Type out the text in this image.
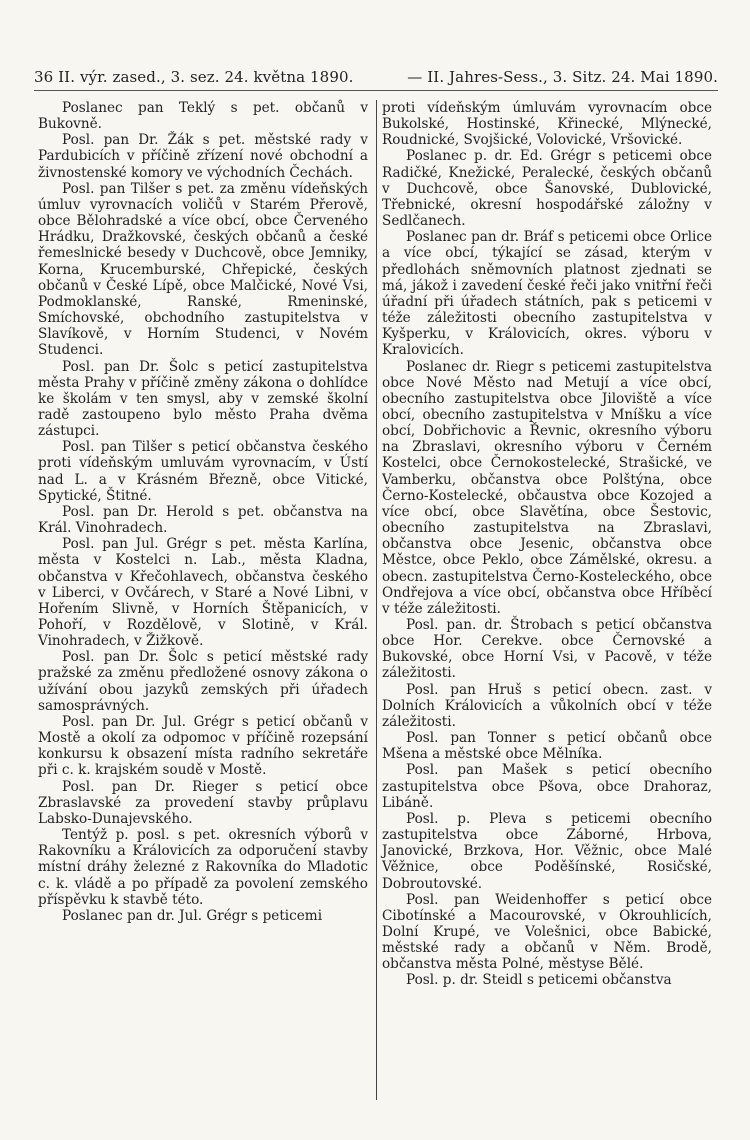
36 II. výr. zased., 3. sez. 24. května 1890.	— II. Jahres-Sess., 3. Sitz. 24. Mai 1890.

Poslanec pan Teklý s pet. občanů v Bukovně.

Posl. pan Dr. Žák s pet. městské rady v Pardubicích v příčině zřízení nové obchodní a živnostenské komory ve východních Čechách.

Posl. pan Tilšer s pet. za změnu vídeňských úmluv vyrovnacích voličů v Starém Přerově, obce Bělohradské a více obcí, obce Červeného Hrádku, Dražkovské, českých občanů a české řemeslnické besedy v Duchcově, obce Jemniky, Korna, Krucemburské, Chřepické, českých občanů v České Lípě, obce Malčické, Nové Vsi, Podmoklanské, Ranské, Rmeninské, Smíchovské, obchodního zastupitelstva v Slavíkově, v Horním Studenci, v Novém Studenci.

Posl. pan Dr. Šolc s peticí zastupitelstva města Prahy v příčině změny zákona o dohlídce ke školám v ten smysl, aby v zemské školní radě zastoupeno bylo město Praha dvěma zástupci.

Posl. pan Tilšer s peticí občanstva českého proti vídeňským umluvám vyrovnacím, v Ústí nad L. a v Krásném Březně, obce Vitické, Spytické, Štitné.

Posl. pan Dr. Herold s pet. občanstva na Král. Vinohradech.

Posl. pan Jul. Grégr s pet. města Karlína, města v Kostelci n. Lab., města Kladna, občanstva v Křečohlavech, občanstva českého v Liberci, v Ovčárech, v Staré a Nové Libni, v Hořením Slivně, v Horních Štěpanicích, v Pohoří, v Rozdělově, v Slotině, v Král. Vinohradech, v Žižkově.

Posl. pan Dr. Šolc s peticí městské rady pražské za změnu předložené osnovy zákona o užívání obou jazyků zemských při úřadech samosprávných.

Posl. pan Dr. Jul. Grégr s peticí občanů v Mostě a okolí za odpomoc v příčině rozepsání konkursu k obsazení místa radního sekretáře při c. k. krajském soudě v Mostě.

Posl. pan Dr. Rieger s peticí obce Zbraslavské za provedení stavby průplavu Labsko-Dunajevského.

Tentýž p. posl. s pet. okresních výborů v Rakovníku a Královicích za odporučení stavby místní dráhy železné z Rakovníka do Mladotic c. k. vládě a po případě za povolení zemského příspěvku k stavbě této.

Poslanec pan dr. Jul. Grégr s peticemi

proti vídeňským úmluvám vyrovnacím obce Bukolské, Hostinské, Křinecké, Mlýnecké, Roudnické, Svojšické, Volovické, Vršovické.

Poslanec p. dr. Ed. Grégr s peticemi obce Radičké, Knežické, Peralecké, českých občanů v Duchcově, obce Šanovské, Dublovické, Třebnické, okresní hospodářské záložny v Sedlčanech.

Poslanec pan dr. Bráf s peticemi obce Orlice a více obcí, týkající se zásad, kterým v předlohách sněmovních platnost zjednati se má, jákož i zavedení české řeči jako vnitřní řeči úřadní při úřadech státních, pak s peticemi v téže záležitosti obecního zastupitelstva v Kyšperku, v Královicích, okres. výboru v Kralovicích.

Poslanec dr. Riegr s peticemi zastupitelstva obce Nové Město nad Metují a více obcí, obecního zastupitelstva obce Jiloviště a více obcí, obecního zastupitelstva v Mníšku a více obcí, Dobřichovic a Řevnic, okresního výboru na Zbraslavi, okresního výboru v Černém Kostelci, obce Černokostelecké, Strašické, ve Vamberku, občanstva obce Polštýna, obce Černo-Kostelecké, občaustva obce Kozojed a více obcí, obce Slavětína, obce Šestovic, obecního zastupitelstva na Zbraslavi, občanstva obce Jesenic, občanstva obce Městce, obce Peklo, obce Zámělské, okresu. a obecn. zastupitelstva Černo-Kosteleckého, obce Ondřejova a více obcí, občanstva obce Hříběcí v téže záležitosti.

Posl. pan. dr. Štrobach s peticí občanstva obce Hor. Cerekve. obce Černovské a Bukovské, obce Horní Vsi, v Pacově, v téže záležitosti.

Posl. pan Hruš s peticí obecn. zast. v Dolních Královicích a vůkolních obcí v téže záležitosti.

Posl. pan Tonner s peticí občanů obce Mšena a městské obce Mělníka.

Posl. pan Mašek s peticí obecního zastupitelstva obce Pšova, obce Drahoraz, Libáně.

Posl. p. Pleva s peticemi obecního zastupitelstva obce Záborné, Hrbova, Janovické, Brzkova, Hor. Věžnic, obce Malé Věžnice, obce Poděšínské, Rosičské, Dobroutovské.

Posl. pan Weidenhoffer s peticí obce Cibotínské a Macourovské, v Okrouhlicích, Dolní Krupé, ve Volešnici, obce Babické, městské rady a občanů v Něm. Brodě, občanstva města Polné, městyse Bělé.

Posl. p. dr. Steidl s peticemi občanstva
